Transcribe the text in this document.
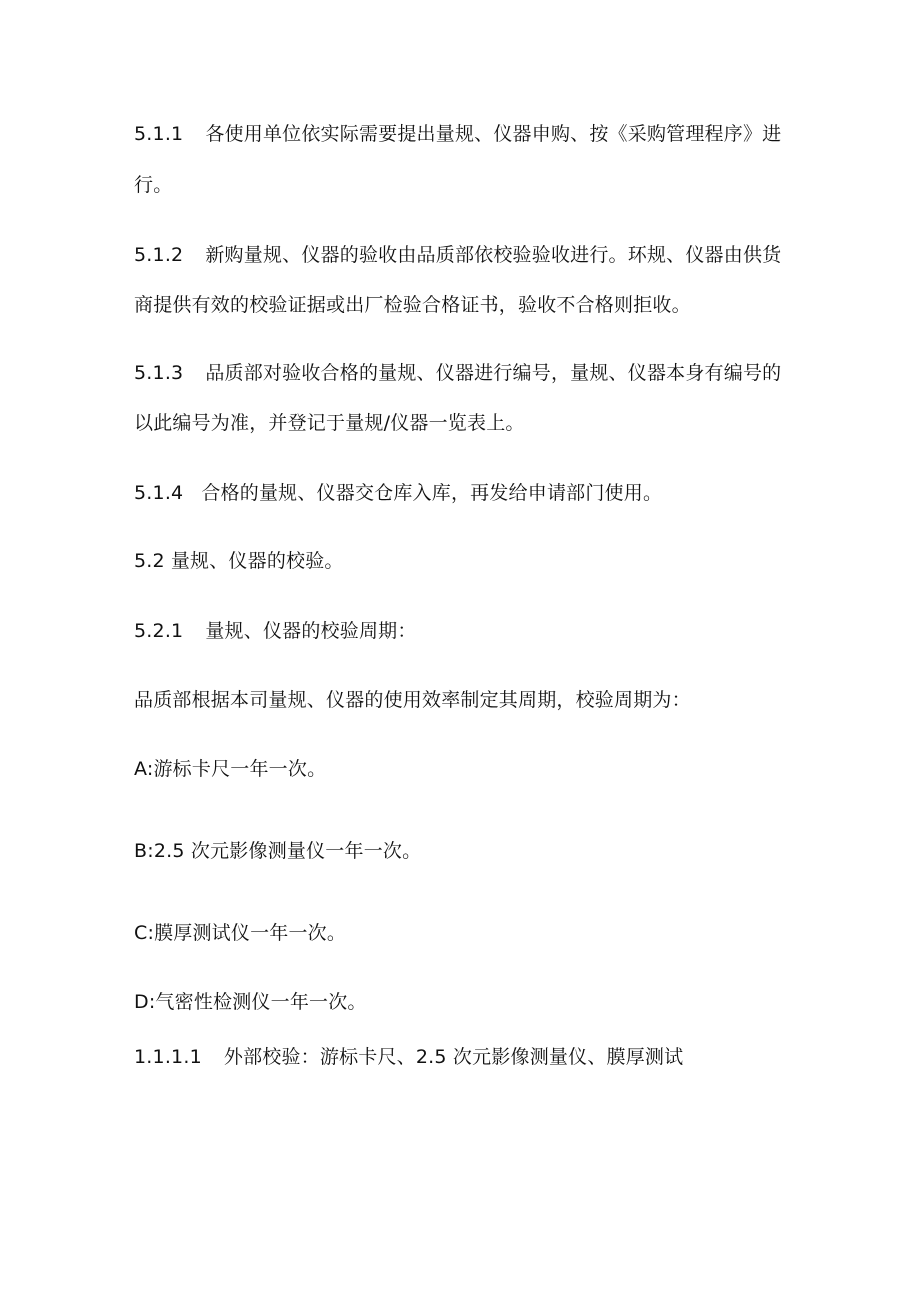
5.1.1 各使用单位依实际需要提出量规、仪器申购、按《采购管理程序》进
行。
5.1.2 新购量规、仪器的验收由品质部依校验验收进行。环规、仪器由供货
商提供有效的校验证据或出厂检验合格证书，验收不合格则拒收。
5.1.3 品质部对验收合格的量规、仪器进行编号，量规、仪器本身有编号的
以此编号为准，并登记于量规/仪器一览表上。
5.1.4 合格的量规、仪器交仓库入库，再发给申请部门使用。
5.2 量规、仪器的校验。
5.2.1 量规、仪器的校验周期：
品质部根据本司量规、仪器的使用效率制定其周期，校验周期为：
A:游标卡尺一年一次。
B:2.5 次元影像测量仪一年一次。
C:膜厚测试仪一年一次。
D:气密性检测仪一年一次。
1.1.1.1 外部校验：游标卡尺、2.5 次元影像测量仪、膜厚测试
